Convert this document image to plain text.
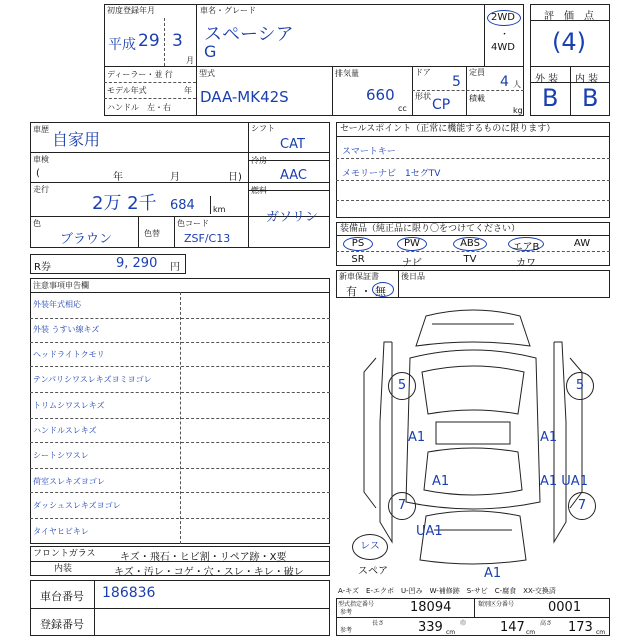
初度登録年月
平成 29 3
月
車名・グレード
スペーシア
G
2WD
・
4WD
ディーラー・並 行
モデル年式	年
ハンドル　左・右
型式
DAA-MK42S
排気量
660
cc
ドア
5
形状
CP
定員
4 人
積載
kg
評　価　点
(4)
外 装 内 装
B B
車歴
自家用
車検
(	年	月	日)
走行
2万 2千 684 km
色
ブラウン	色替
色コード
ZSF/C13
シフト
CAT
冷房
AAC
燃料
ガソリン
R券	9, 290 円
注意事項申告欄
外装年式相応
外装 うすい線キズ
ヘッドライトクモリ
テンパリシワスレキズヨミヨゴレ
トリムシワスレキズ
ハンドルスレキズ
シートシワスレ
荷室スレキズヨゴレ
ダッシュスレキズヨゴレ
タイヤヒビキレ
フロントガラス キズ・飛石・ヒビ割・リペア跡・X要
内装	キズ・汚レ・コゲ・穴・スレ・キレ・破レ
車台番号 186836
登録番号
セールスポイント（正常に機能するものに限ります）
スマートキー
メモリーナビ　1セグTV
装備品（純正品に限り〇をつけてください）
PS	PW	ABS	エアB	AW
SR	ナビ	TV	カワ
新車保証書
有 ・ 無
後日品
5	5
7	7
A1	A1
A1	A1 UA1
UA1
A1
レス
スペア
A-キズ　E-エクボ　U-凹み　W-補修跡　S-サビ　C-腐食　XX-交換済
型式指定番号
参考	18094	類別区分番号	0001
参考
長さ	339 cm
巾	147 cm
高さ 173 cm
